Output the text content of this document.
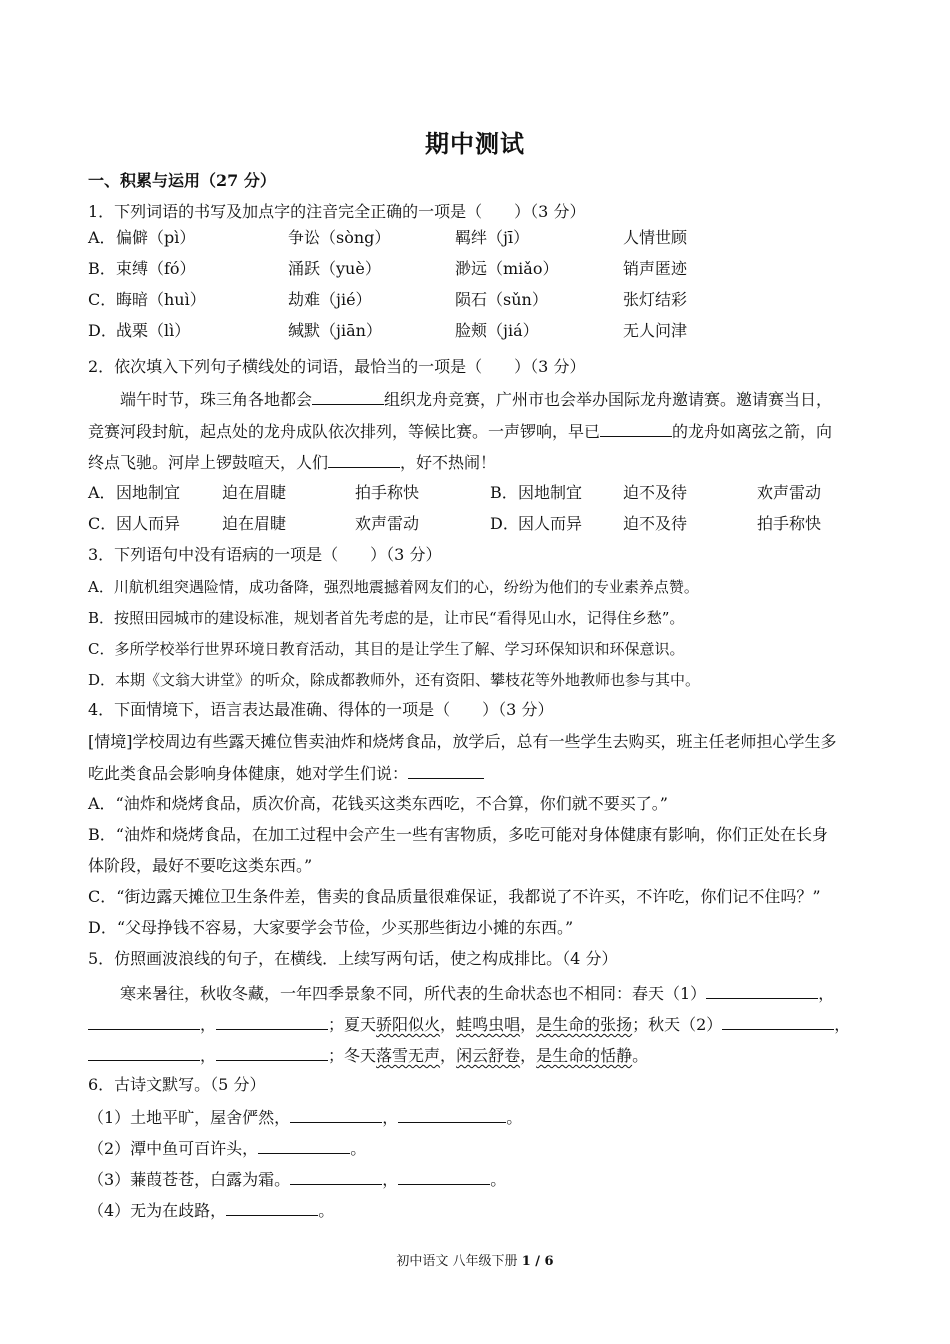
期中测试
一、积累与运用（27 分）
1．下列词语的书写及加点字的注音完全正确的一项是（　　）（3 分）
A． 偏僻（pì）	争讼（sòng）	羁绊（jī）	人情世顾
B． 束缚（fó）	涌跃（yuè）	渺远（miǎo）	销声匿迹
C． 晦暗（huì）	劫难（jié）	陨石（sǔn）	张灯结彩
D． 战栗（lì）	缄默（jiān）	脸颊（jiá）	无人问津
2．依次填入下列句子横线处的词语，最恰当的一项是（　　）（3 分）
端午时节，珠三角各地都会	组织龙舟竞赛，广州市也会举办国际龙舟邀请赛。邀请赛当日，
竞赛河段封航，起点处的龙舟成队依次排列，等候比赛。一声锣响，早已	的龙舟如离弦之箭，向
终点飞驰。河岸上锣鼓喧天，人们	，好不热闹！
A． 因地制宜	迫在眉睫	拍手称快	B． 因地制宜	迫不及待	欢声雷动
C． 因人而异	迫在眉睫	欢声雷动	D． 因人而异	迫不及待	拍手称快
3．下列语句中没有语病的一项是（　　）（3 分）
A．川航机组突遇险情，成功备降，强烈地震撼着网友们的心，纷纷为他们的专业素养点赞。
B．按照田园城市的建设标准，规划者首先考虑的是，让市民“看得见山水，记得住乡愁”。
C．多所学校举行世界环境日教育活动，其目的是让学生了解、学习环保知识和环保意识。
D．本期《文翁大讲堂》的听众，除成都教师外，还有资阳、攀枝花等外地教师也参与其中。
4．下面情境下，语言表达最准确、得体的一项是（　　）（3 分）
[情境]学校周边有些露天摊位售卖油炸和烧烤食品，放学后，总有一些学生去购买，班主任老师担心学生多
吃此类食品会影响身体健康，她对学生们说：
A．“油炸和烧烤食品，质次价高，花钱买这类东西吃，不合算，你们就不要买了。”
B．“油炸和烧烤食品，在加工过程中会产生一些有害物质，多吃可能对身体健康有影响，你们正处在长身
体阶段，最好不要吃这类东西。”
C．“街边露天摊位卫生条件差，售卖的食品质量很难保证，我都说了不许买，不许吃，你们记不住吗？”
D．“父母挣钱不容易，大家要学会节俭，少买那些街边小摊的东西。”
5．仿照画波浪线的句子，在横线．上续写两句话，使之构成排比。（4 分）
寒来暑往，秋收冬藏，一年四季景象不同，所代表的生命状态也不相同：春天（1）	，
，	；夏天骄阳似火，蛙鸣虫唱，是生命的张扬；秋天（2）	，
，	；冬天落雪无声，闲云舒卷，是生命的恬静。
6．古诗文默写。（5 分）
（1）土地平旷，屋舍俨然，	，	。
（2）潭中鱼可百许头，	。
（3）蒹葭苍苍，白露为霜。	，	。
（4）无为在歧路，	。
初中语文 八年级下册 1 / 6
